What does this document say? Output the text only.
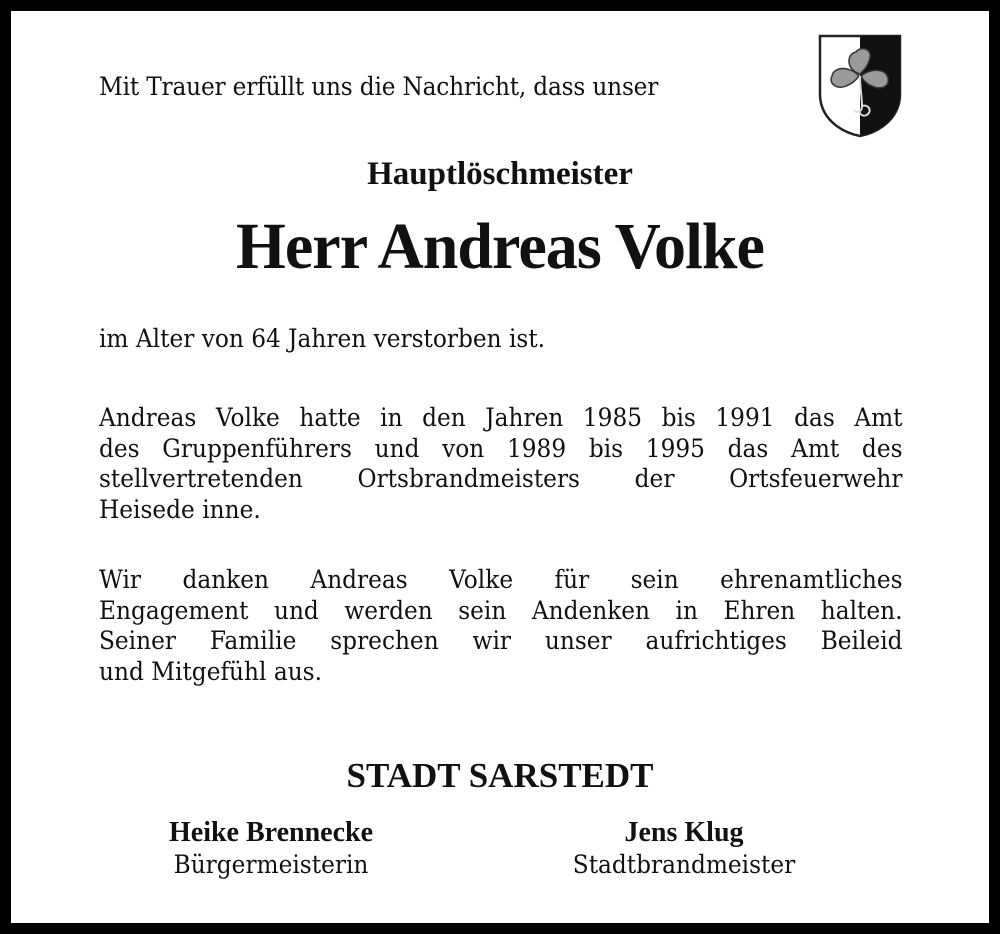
Mit Trauer erfüllt uns die Nachricht, dass unser
Hauptlöschmeister
Herr Andreas Volke
im Alter von 64 Jahren verstorben ist.
Andreas Volke hatte in den Jahren 1985 bis 1991 das Amt
des Gruppenführers und von 1989 bis 1995 das Amt des
stellvertretenden Ortsbrandmeisters der Ortsfeuerwehr
Heisede inne.
Wir danken Andreas Volke für sein ehrenamtliches
Engagement und werden sein Andenken in Ehren halten.
Seiner Familie sprechen wir unser aufrichtiges Beileid
und Mitgefühl aus.
STADT SARSTEDT
Heike Brennecke
Bürgermeisterin
Jens Klug
Stadtbrandmeister
